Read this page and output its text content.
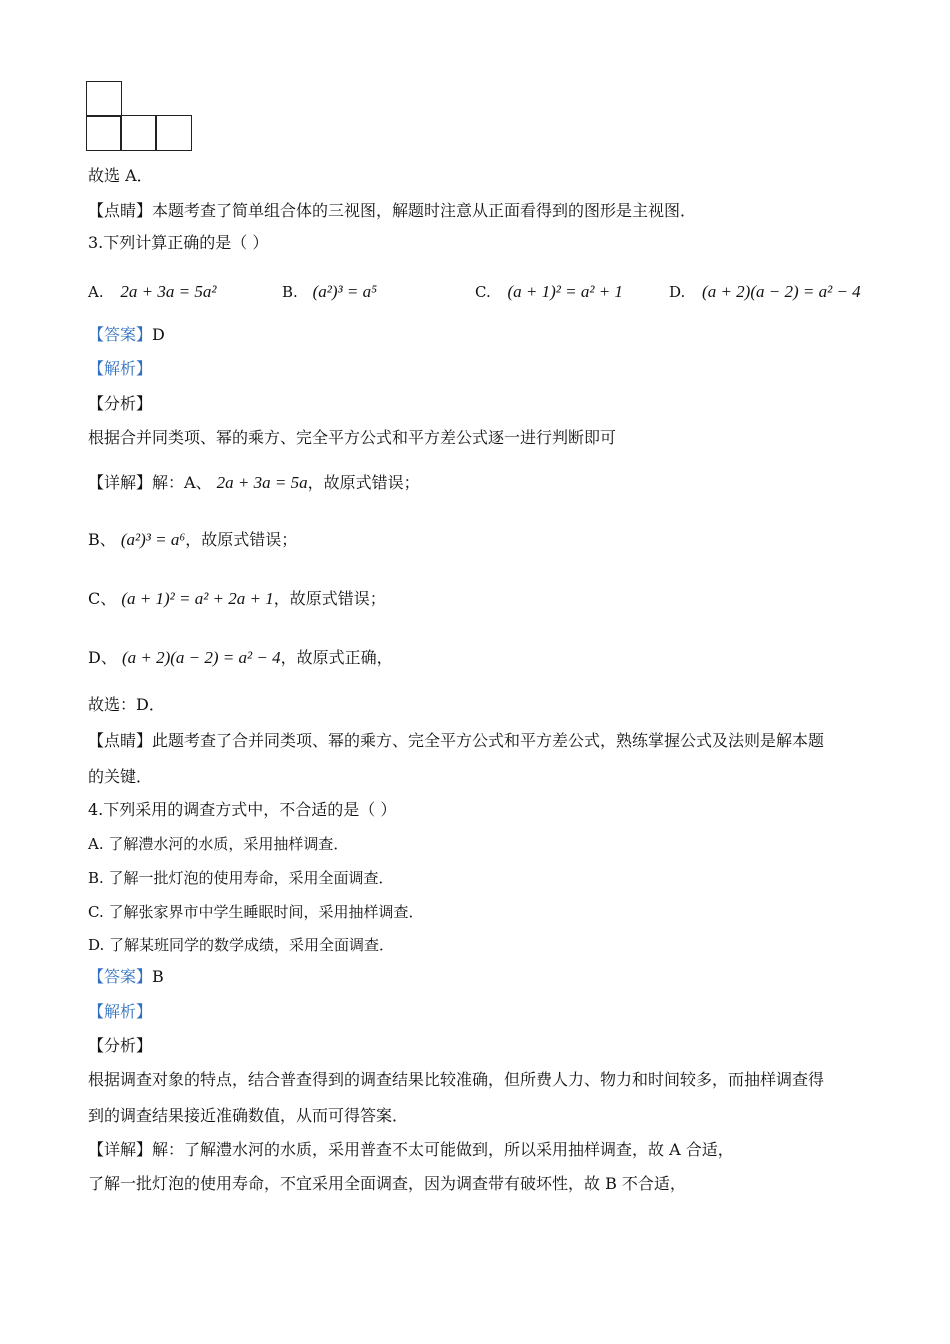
故选 A．
【点睛】本题考查了简单组合体的三视图，解题时注意从正面看得到的图形是主视图．
3.下列计算正确的是（ ）
A. 2a + 3a = 5a²	B. (a²)³ = a⁵	C. (a + 1)² = a² + 1	D. (a + 2)(a − 2) = a² − 4
【答案】D
【解析】
【分析】
根据合并同类项、幂的乘方、完全平方公式和平方差公式逐一进行判断即可
【详解】解：A、 2a + 3a = 5a，故原式错误；
B、 (a²)³ = a⁶，故原式错误；
C、 (a + 1)² = a² + 2a + 1，故原式错误；
D、 (a + 2)(a − 2) = a² − 4，故原式正确，
故选：D．
【点睛】此题考查了合并同类项、幂的乘方、完全平方公式和平方差公式，熟练掌握公式及法则是解本题
的关键．
4.下列采用的调查方式中，不合适的是（ ）
A. 了解澧水河的水质，采用抽样调查．
B. 了解一批灯泡的使用寿命，采用全面调查．
C. 了解张家界市中学生睡眠时间，采用抽样调查．
D. 了解某班同学的数学成绩，采用全面调查．
【答案】B
【解析】
【分析】
根据调查对象的特点，结合普查得到的调查结果比较准确，但所费人力、物力和时间较多，而抽样调查得
到的调查结果接近准确数值，从而可得答案．
【详解】解：了解澧水河的水质，采用普查不太可能做到，所以采用抽样调查，故 A 合适，
了解一批灯泡的使用寿命，不宜采用全面调查，因为调查带有破坏性，故 B 不合适，
